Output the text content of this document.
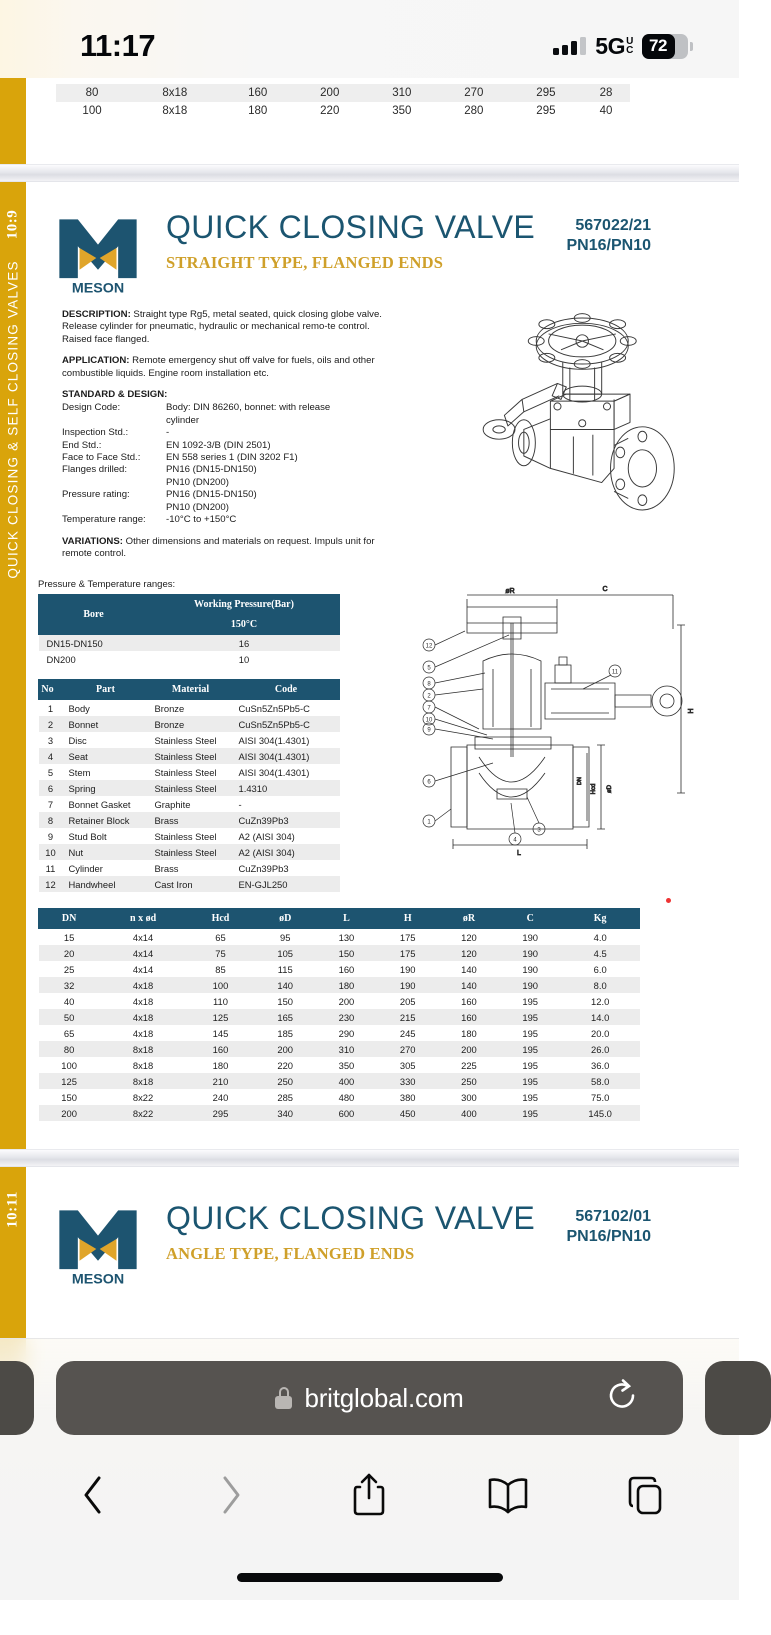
11:17	5G U
C 72
80	8x18	160	200	310	270	295	28
100	8x18	180	220	350	280	295	40
10:9
QUICK CLOSING & SELF CLOSING VALVES	MESON
QUICK CLOSING VALVE
STRAIGHT TYPE, FLANGED ENDS
567022/21
PN16/PN10

DESCRIPTION: Straight type Rg5, metal seated, quick closing globe valve. Release cylinder for pneumatic, hydraulic or mechanical remo-te control. Raised face flanged.

APPLICATION: Remote emergency shut off valve for fuels, oils and other combustible liquids. Engine room installation etc.

STANDARD & DESIGN:
Design Code:	Body: DIN 86260, bonnet: with release
cylinder
Inspection Std.:	-
End Std.:	EN 1092-3/B (DIN 2501)
Face to Face Std.:	EN 558 series 1 (DIN 3202 F1)
Flanges drilled:	PN16 (DN15-DN150)
PN10 (DN200)
Pressure rating:	PN16 (DN15-DN150)
PN10 (DN200)
Temperature range:	-10°C to +150°C

VARIATIONS: Other dimensions and materials on request. Impuls unit for remote control.

Pressure & Temperature ranges:
Bore	Working Pressure(Bar)
	150°C
DN15-DN150	16
DN200	10
No	Part	Material	Code
1	Body	Bronze	CuSn5Zn5Pb5-C
2	Bonnet	Bronze	CuSn5Zn5Pb5-C
3	Disc	Stainless Steel	AISI 304(1.4301)
4	Seat	Stainless Steel	AISI 304(1.4301)
5	Stem	Stainless Steel	AISI 304(1.4301)
6	Spring	Stainless Steel	1.4310
7	Bonnet Gasket	Graphite	-
8	Retainer Block	Brass	CuZn39Pb3
9	Stud Bolt	Stainless Steel	A2 (AISI 304)
10	Nut	Stainless Steel	A2 (AISI 304)
11	Cylinder	Brass	CuZn39Pb3
12	Handwheel	Cast Iron	EN-GJL250
øR	C
L
H
øD
Hcd
DN
12
5
8
2
7
10
9
6
1
4
3
11
DN	n x ød	Hcd	øD	L	H	øR	C	Kg
15	4x14	65	95	130	175	120	190	4.0
20	4x14	75	105	150	175	120	190	4.5
25	4x14	85	115	160	190	140	190	6.0
32	4x18	100	140	180	190	140	190	8.0
40	4x18	110	150	200	205	160	195	12.0
50	4x18	125	165	230	215	160	195	14.0
65	4x18	145	185	290	245	180	195	20.0
80	8x18	160	200	310	270	200	195	26.0
100	8x18	180	220	350	305	225	195	36.0
125	8x18	210	250	400	330	250	195	58.0
150	8x22	240	285	480	380	300	195	75.0
200	8x22	295	340	600	450	400	195	145.0
10:11
MESON
QUICK CLOSING VALVE
ANGLE TYPE, FLANGED ENDS
567102/01
PN16/PN10
britglobal.com
